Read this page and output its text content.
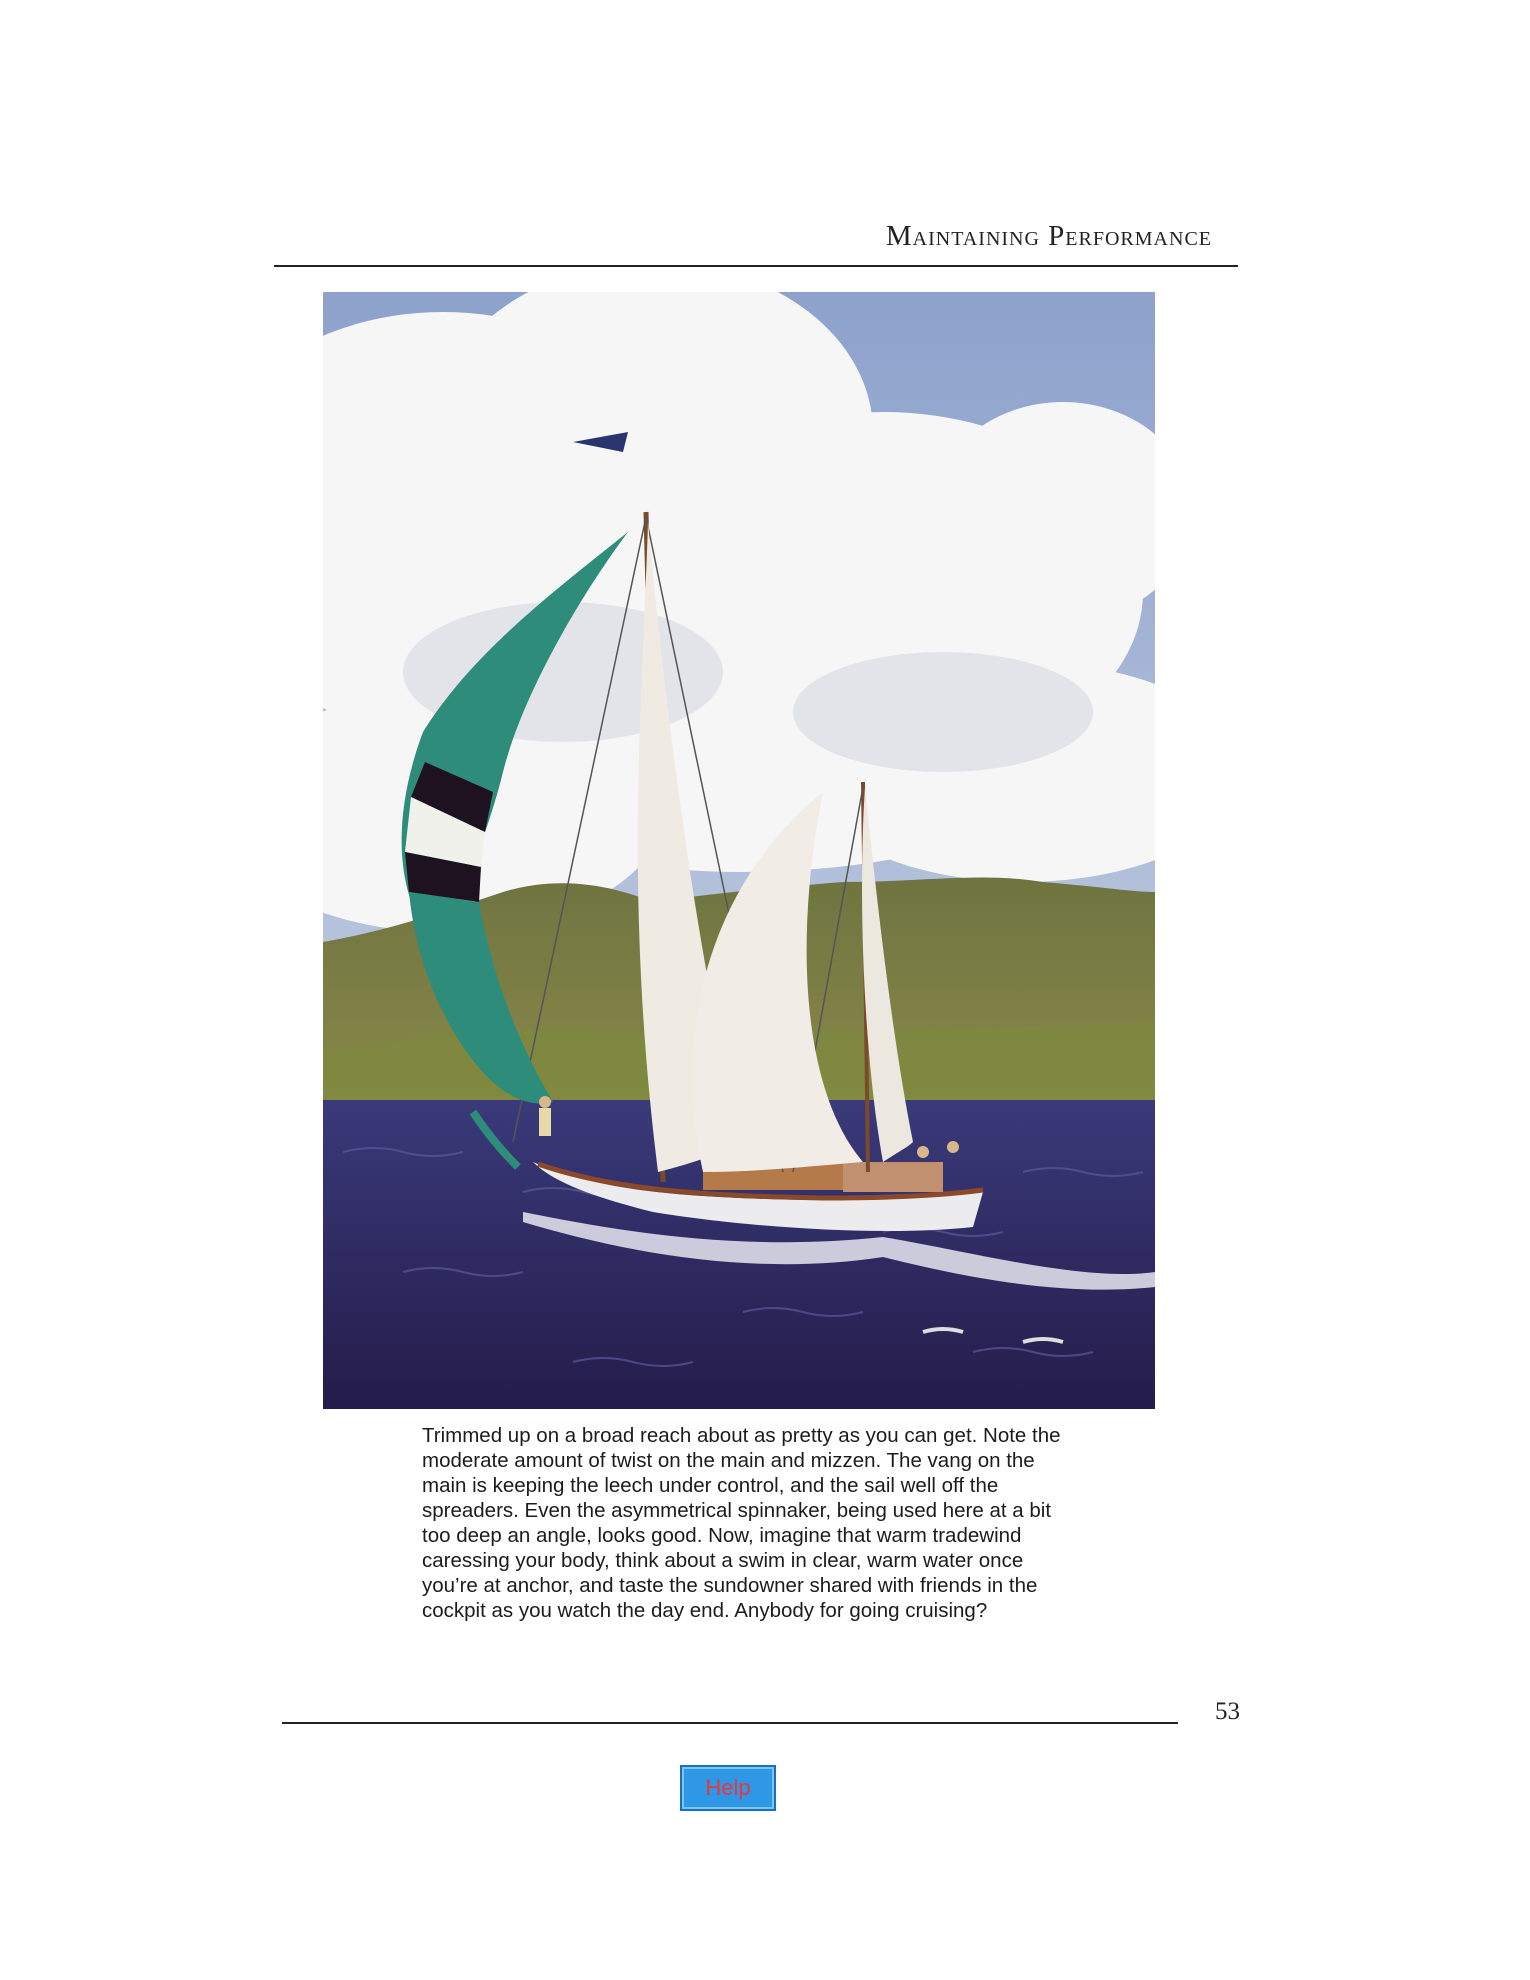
Maintaining Performance
Trimmed up on a broad reach about as pretty as you can get. Note the moderate amount of twist on the main and mizzen. The vang on the main is keeping the leech under control, and the sail well off the spreaders. Even the asymmetrical spinnaker, being used here at a bit too deep an angle, looks good. Now, imagine that warm tradewind caressing your body, think about a swim in clear, warm water once you’re at anchor, and taste the sundowner shared with friends in the cockpit as you watch the day end. Anybody for going cruising?
53
Help
